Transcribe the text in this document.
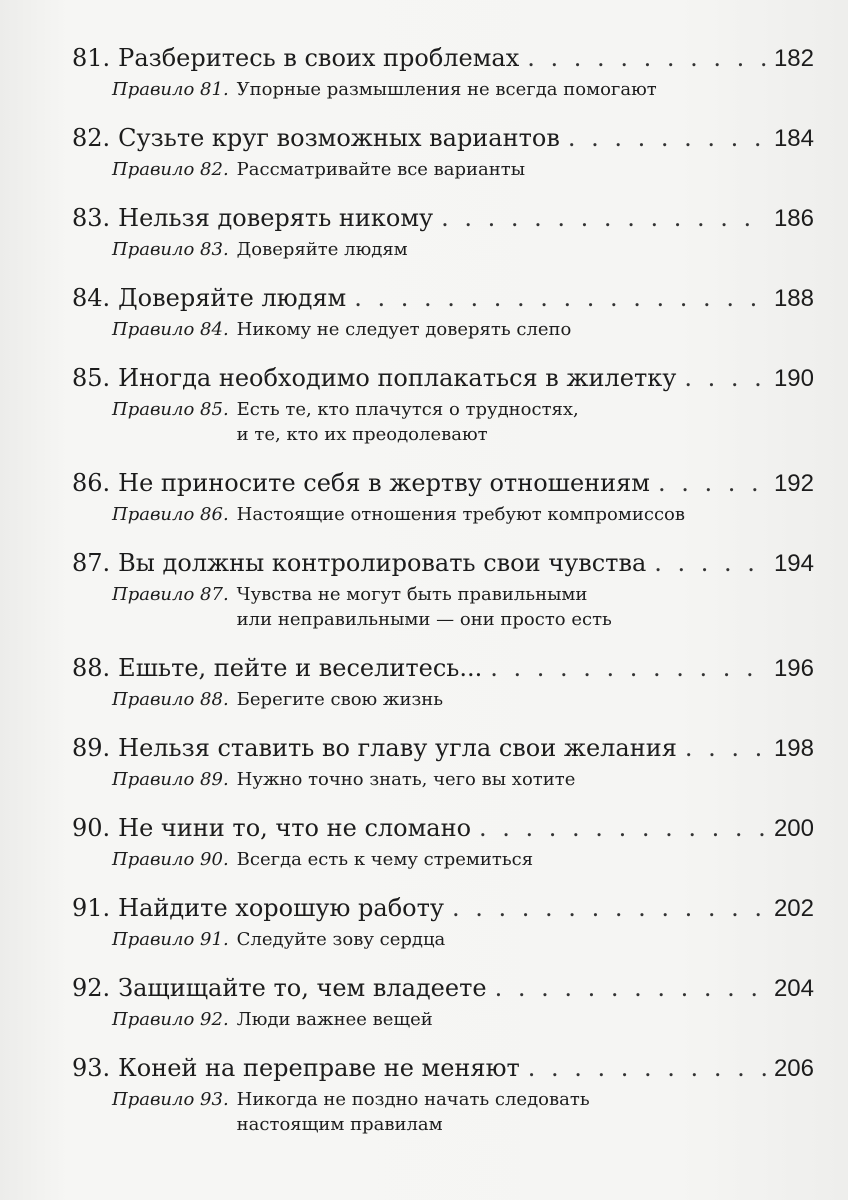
81. Разберитесь в своих проблемах . . .	182
Правило 81. Упорные размышления не всегда помогают
82. Сузьте круг возможных вариантов . . .	184
Правило 82. Рассматривайте все варианты
83. Нельзя доверять никому . . .	186
Правило 83. Доверяйте людям
84. Доверяйте людям . . .	188
Правило 84. Никому не следует доверять слепо
85. Иногда необходимо поплакаться в жилетку . . .	190
Правило 85. Есть те, кто плачутся о трудностях,
и те, кто их преодолевают
86. Не приносите себя в жертву отношениям . . .	192
Правило 86. Настоящие отношения требуют компромиссов
87. Вы должны контролировать свои чувства . . .	194
Правило 87. Чувства не могут быть правильными
или неправильными — они просто есть
88. Ешьте, пейте и веселитесь... . . .	196
Правило 88. Берегите свою жизнь
89. Нельзя ставить во главу угла свои желания . . .	198
Правило 89. Нужно точно знать, чего вы хотите
90. Не чини то, что не сломано . . .	200
Правило 90. Всегда есть к чему стремиться
91. Найдите хорошую работу . . .	202
Правило 91. Следуйте зову сердца
92. Защищайте то, чем владеете . . .	204
Правило 92. Люди важнее вещей
93. Коней на переправе не меняют . . .	206
Правило 93. Никогда не поздно начать следовать
настоящим правилам
